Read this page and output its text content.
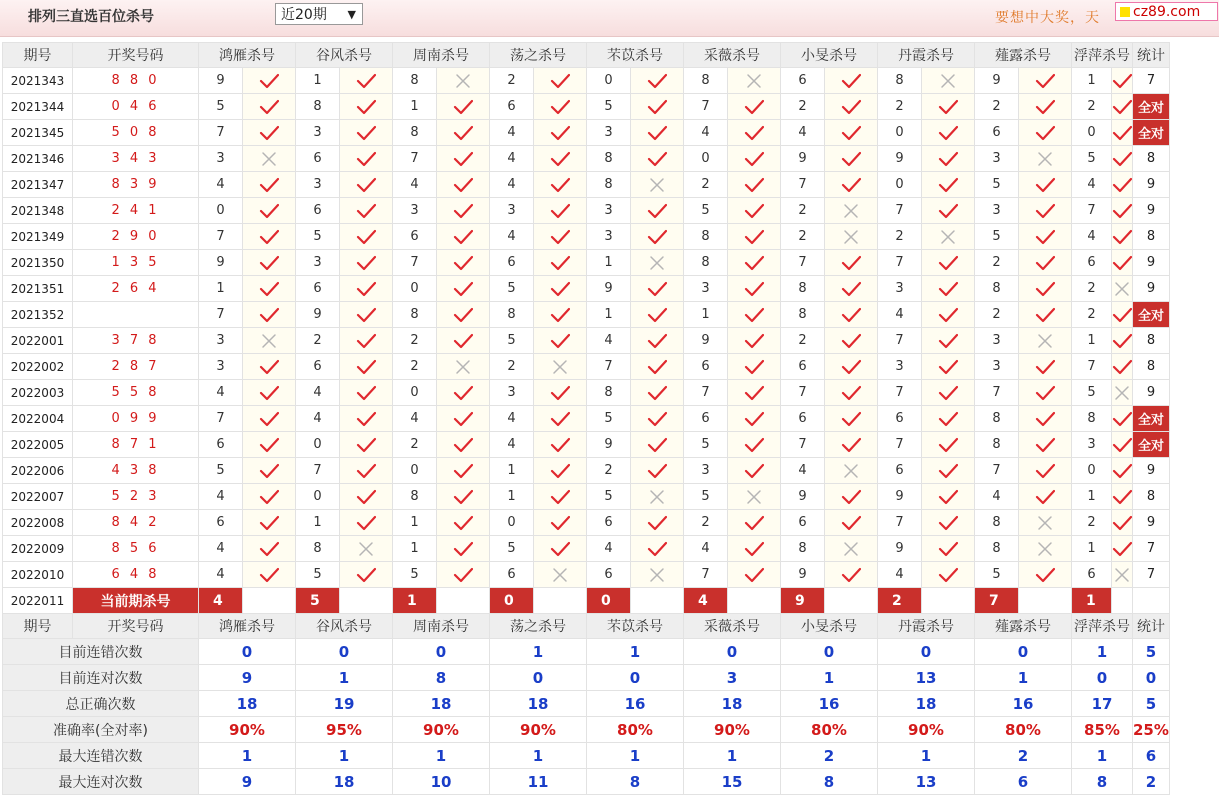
排列三直选百位杀号	近20期 ▼	要想中大奖，天	cz89.com
期号	开奖号码	鸿雁杀号		谷风杀号		周南杀号		荡之杀号		芣苡杀号		采薇杀号		小旻杀号		丹霞杀号		薤露杀号		浮萍杀号		统计
2021343	8 8 0	9		1		8		2		0		8		6		8		9		1		7
2021344	0 4 6	5		8		1		6		5		7		2		2		2		2		全对
2021345	5 0 8	7		3		8		4		3		4		4		0		6		0		全对
2021346	3 4 3	3		6		7		4		8		0		9		9		3		5		8
2021347	8 3 9	4		3		4		4		8		2		7		0		5		4		9
2021348	2 4 1	0		6		3		3		3		5		2		7		3		7		9
2021349	2 9 0	7		5		6		4		3		8		2		2		5		4		8
2021350	1 3 5	9		3		7		6		1		8		7		7		2		6		9
2021351	2 6 4	1		6		0		5		9		3		8		3		8		2		9
2021352		7		9		8		8		1		1		8		4		2		2		全对
2022001	3 7 8	3		2		2		5		4		9		2		7		3		1		8
2022002	2 8 7	3		6		2		2		7		6		6		3		3		7		8
2022003	5 5 8	4		4		0		3		8		7		7		7		7		5		9
2022004	0 9 9	7		4		4		4		5		6		6		6		8		8		全对
2022005	8 7 1	6		0		2		4		9		5		7		7		8		3		全对
2022006	4 3 8	5		7		0		1		2		3		4		6		7		0		9
2022007	5 2 3	4		0		8		1		5		5		9		9		4		1		8
2022008	8 4 2	6		1		1		0		6		2		6		7		8		2		9
2022009	8 5 6	4		8		1		5		4		4		8		9		8		1		7
2022010	6 4 8	4		5		5		6		6		7		9		4		5		6		7
2022011	当前期杀号	4		5		1		0		0		4		9		2		7		1		
期号	开奖号码	鸿雁杀号		谷风杀号		周南杀号		荡之杀号		芣苡杀号		采薇杀号		小旻杀号		丹霞杀号		薤露杀号		浮萍杀号		统计
目前连错次数		0		0		0		1		1		0		0		0		0		1		5
目前连对次数		9		1		8		0		0		3		1		13		1		0		0
总正确次数		18		19		18		18		16		18		16		18		16		17		5
准确率(全对率)		90%		95%		90%		90%		80%		90%		80%		90%		80%		85%		25%
最大连错次数		1		1		1		1		1		1		2		1		2		1		6
最大连对次数		9		18		10		11		8		15		8		13		6		8		2
